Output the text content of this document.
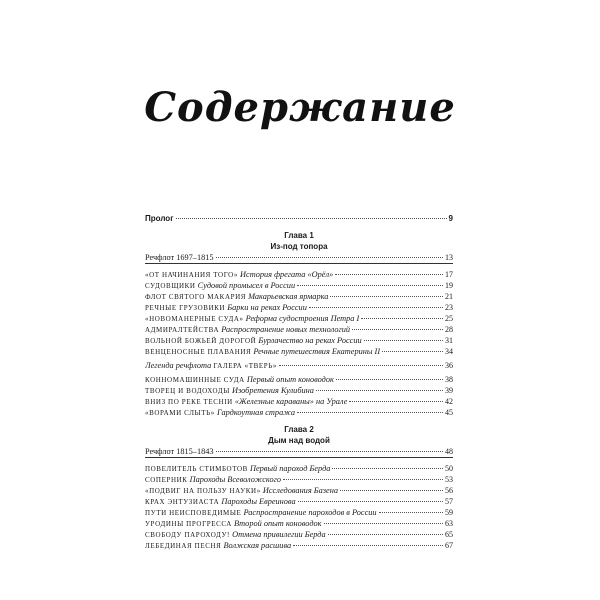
Содержание
Пролог	9
Глава 1
Из-под топора
Речфлот 1697–1815	13
«ОТ НАЧИНАНИЯ ТОГО» История фрегата «Орёл»	17
СУДОВЩИКИ Судовой промысел в России	19
ФЛОТ СВЯТОГО МАКАРИЯ Макарьевская ярмарка	21
РЕЧНЫЕ ГРУЗОВИКИ Барки на реках России	23
«НОВОМАНЕРНЫЕ СУДА» Реформа судостроения Петра I	25
АДМИРАЛТЕЙСТВА Распространение новых технологий	28
ВОЛЬНОЙ БОЖЬЕЙ ДОРОГОЙ Бурлачество на реках России	31
ВЕНЦЕНОСНЫЕ ПЛАВАНИЯ Речные путешествия Екатерины II	34
Легенда речфлота ГАЛЕРА «ТВЕРЬ»	36
КОННОМАШИННЫЕ СУДА Первый опыт коноводок	38
ТВОРЕЦ И ВОДОХОДЫ Изобретения Кулибина	39
ВНИЗ ПО РЕКЕ ТЕСНІИ «Железные караваны» на Урале	42
«ВОРАМИ СЛЫТЬ» Гардкоутная стража	45
Глава 2
Дым над водой
Речфлот 1815–1843	48
ПОВЕЛИТЕЛЬ СТИМБОТОВ Первый пароход Берда	50
СОПЕРНИК Пароходы Всеволожского	53
«ПОДВИГ НА ПОЛЬЗУ НАУКИ» Исследования Базена	56
КРАХ ЭНТУЗИАСТА Пароходы Евреинова	57
ПУТИ НЕИСПОВЕДИМЫЕ Распространение пароходов в России	59
УРОДИНЫ ПРОГРЕССА Второй опыт коноводок	63
СВОБОДУ ПАРОХОДУ! Отмена привилегии Берда	65
ЛЕБЕДИНАЯ ПЕСНЯ Волжская расшива	67
